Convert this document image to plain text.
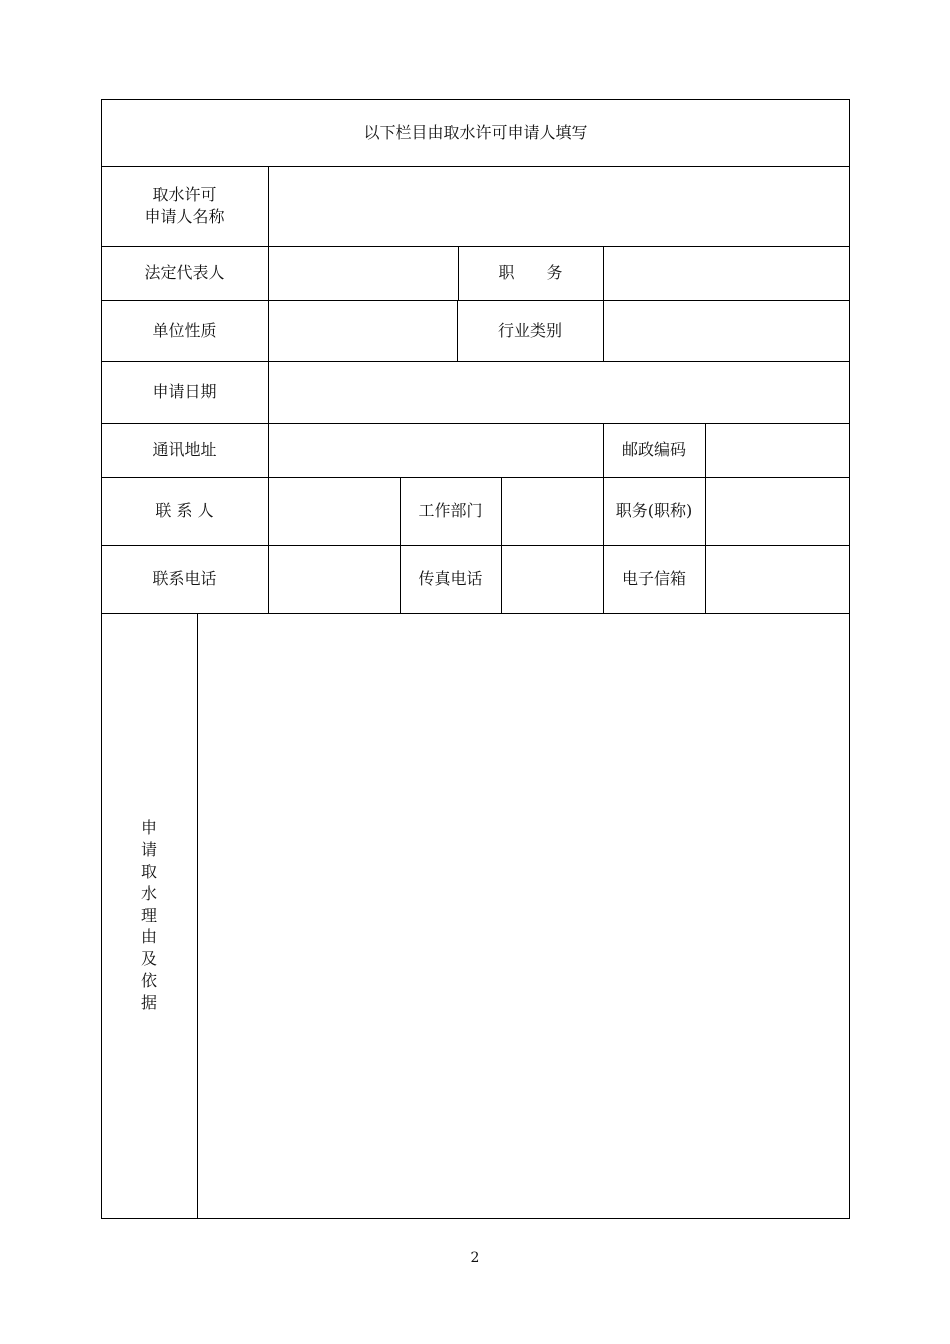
以下栏目由取水许可申请人填写
取水许可
申请人名称
法定代表人	职　　务
单位性质	行业类别
申请日期
通讯地址	邮政编码
联 系 人	工作部门	职务(职称)
联系电话	传真电话	电子信箱
申
请
取
水
理
由
及
依
据
2
